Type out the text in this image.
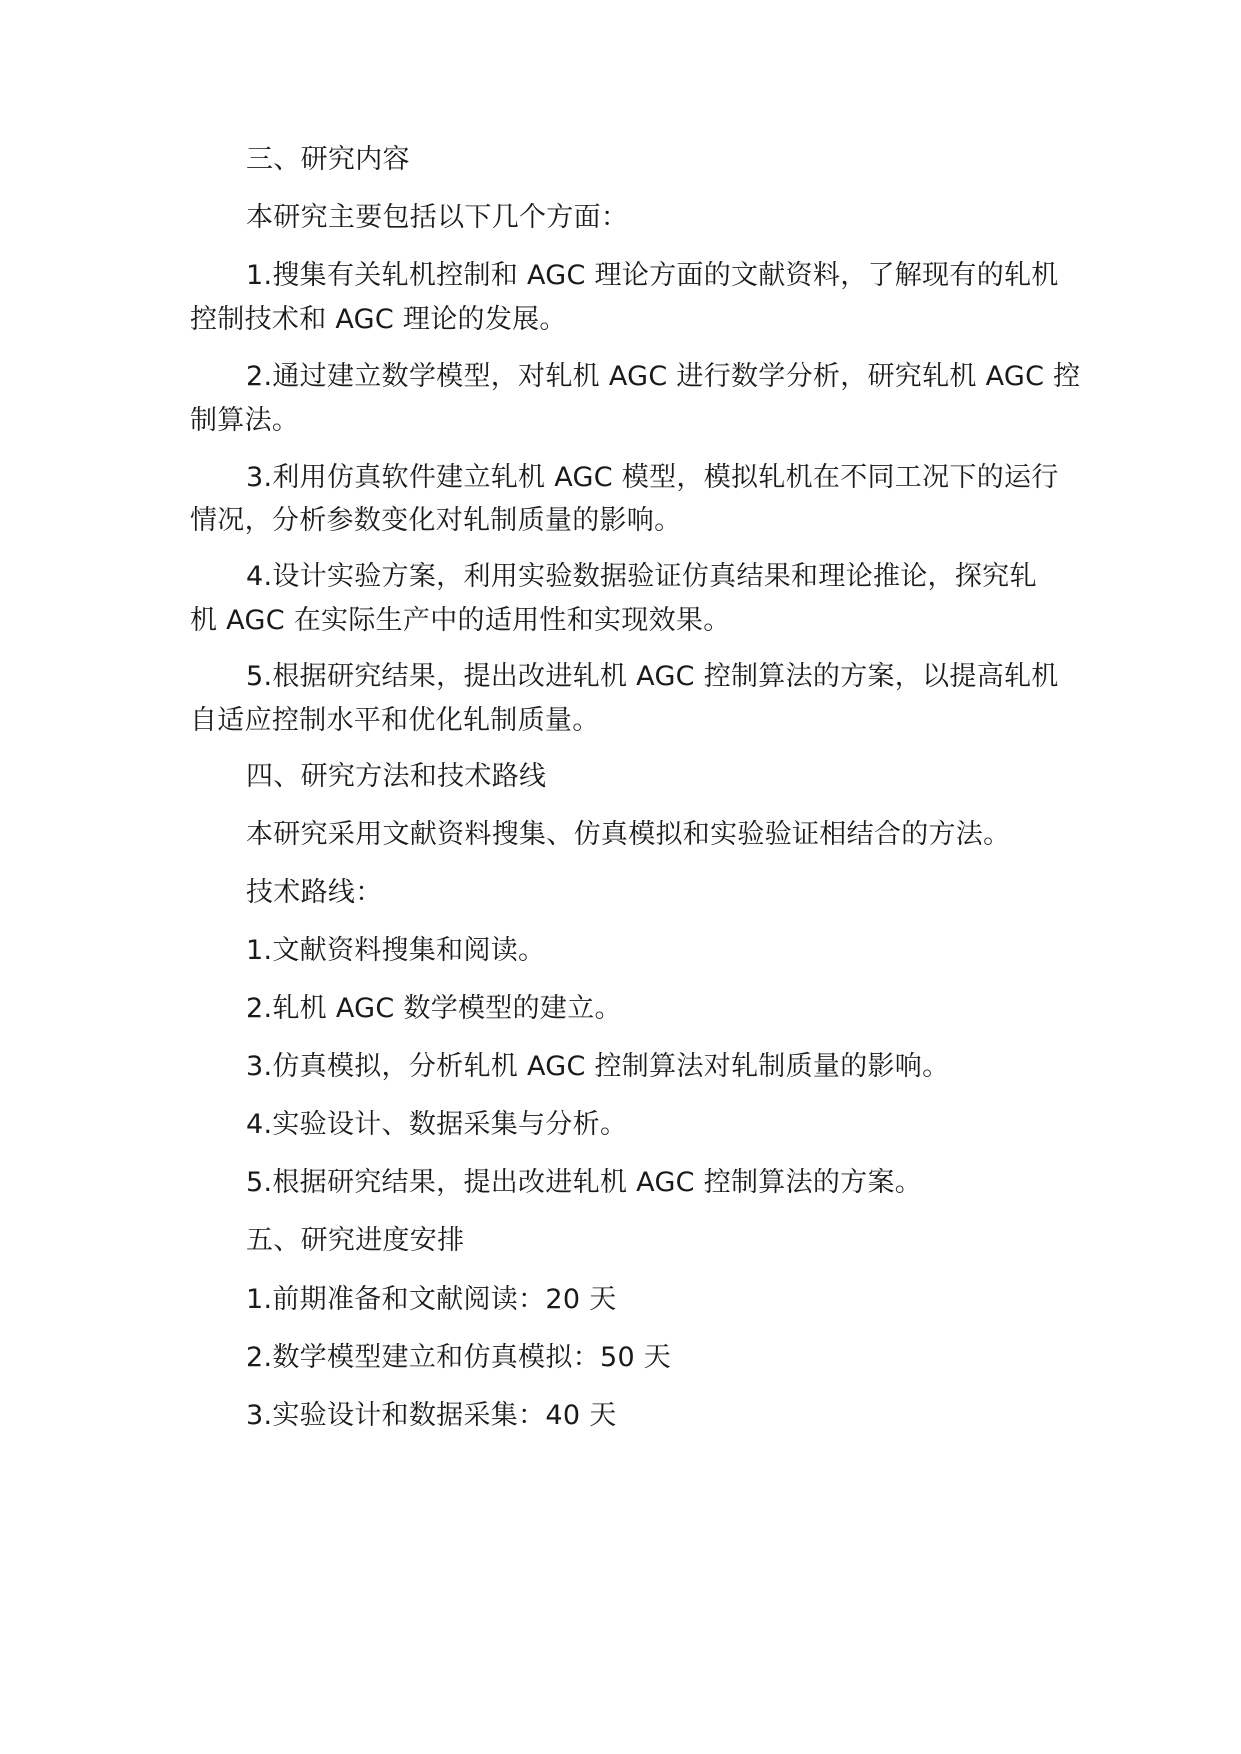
三、研究内容
本研究主要包括以下几个方面：
1.搜集有关轧机控制和 AGC 理论方面的文献资料，了解现有的轧机
控制技术和 AGC 理论的发展。
2.通过建立数学模型，对轧机 AGC 进行数学分析，研究轧机 AGC 控
制算法。
3.利用仿真软件建立轧机 AGC 模型，模拟轧机在不同工况下的运行
情况，分析参数变化对轧制质量的影响。
4.设计实验方案，利用实验数据验证仿真结果和理论推论，探究轧
机 AGC 在实际生产中的适用性和实现效果。
5.根据研究结果，提出改进轧机 AGC 控制算法的方案，以提高轧机
自适应控制水平和优化轧制质量。
四、研究方法和技术路线
本研究采用文献资料搜集、仿真模拟和实验验证相结合的方法。
技术路线：
1.文献资料搜集和阅读。
2.轧机 AGC 数学模型的建立。
3.仿真模拟，分析轧机 AGC 控制算法对轧制质量的影响。
4.实验设计、数据采集与分析。
5.根据研究结果，提出改进轧机 AGC 控制算法的方案。
五、研究进度安排
1.前期准备和文献阅读：20 天
2.数学模型建立和仿真模拟：50 天
3.实验设计和数据采集：40 天
